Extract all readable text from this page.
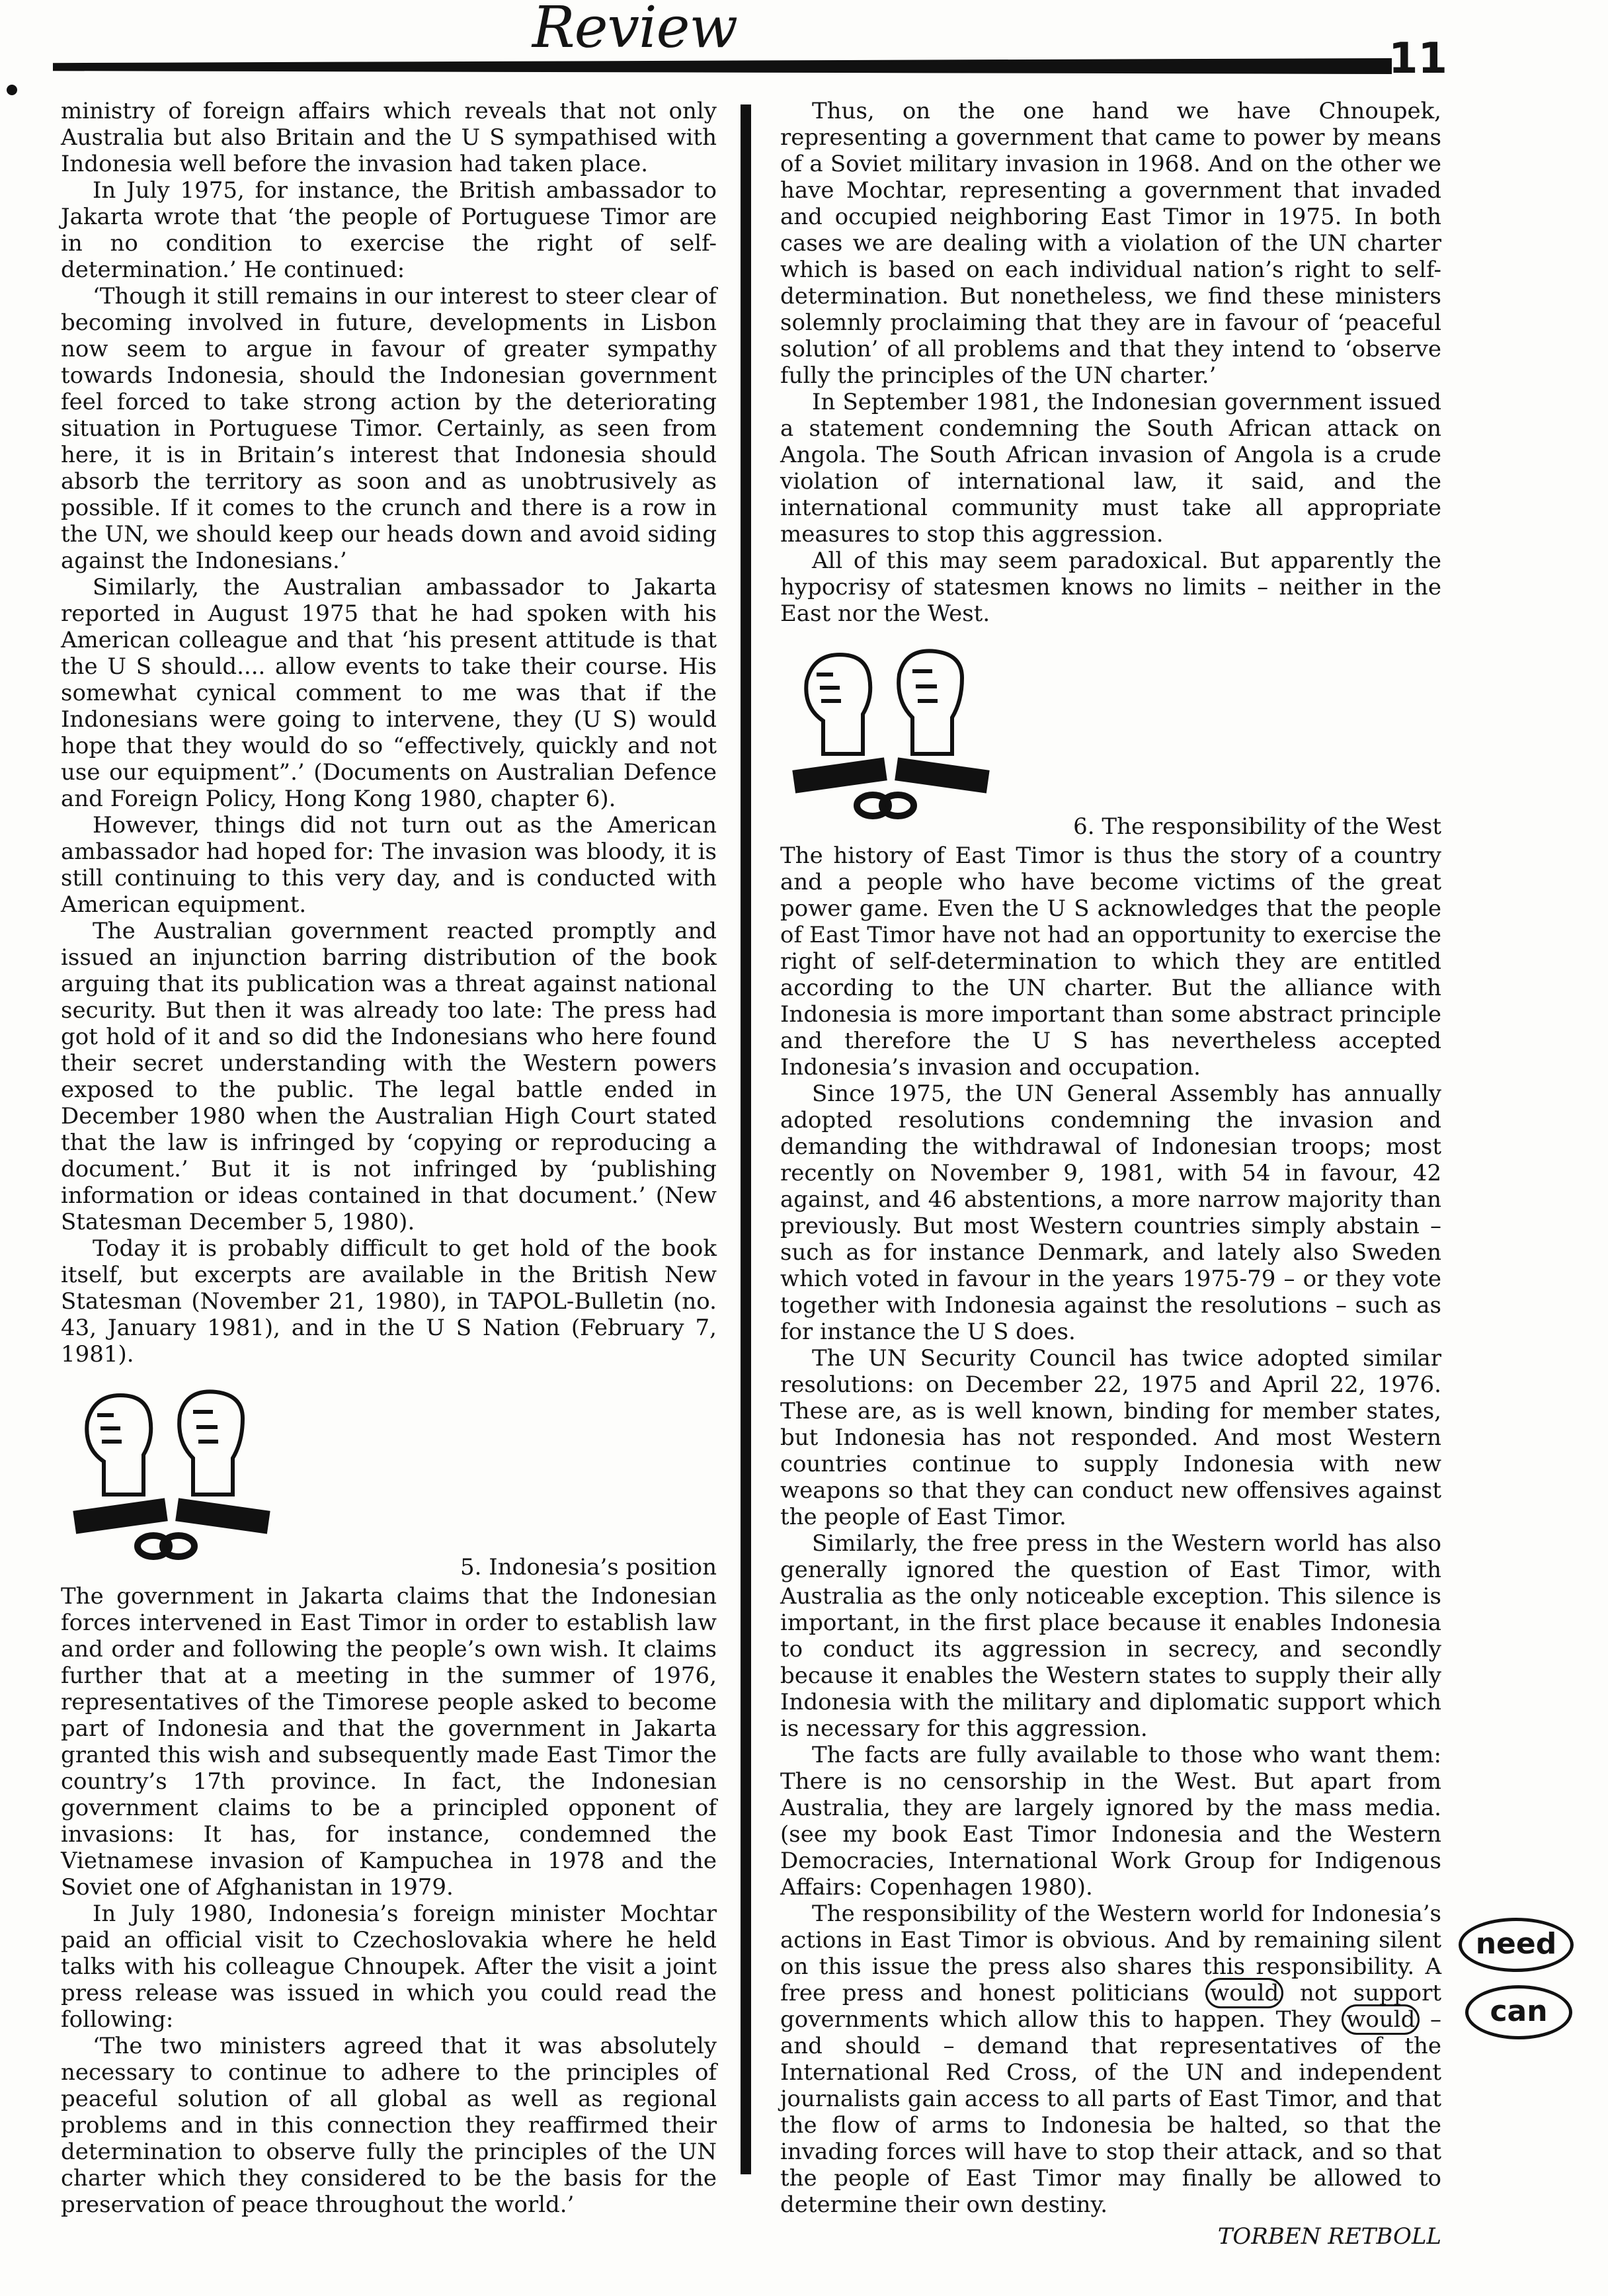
Review	11

ministry of foreign affairs which reveals that not only Australia but also Britain and the U S sympathised with Indonesia well before the invasion had taken place.

In July 1975, for instance, the British ambassador to Jakarta wrote that ‘the people of Portuguese Timor are in no condition to exercise the right of self-determination.’ He continued:

‘Though it still remains in our interest to steer clear of becoming involved in future, developments in Lisbon now seem to argue in favour of greater sympathy towards Indonesia, should the Indonesian government feel forced to take strong action by the deteriorating situation in Portuguese Timor. Certainly, as seen from here, it is in Britain’s interest that Indonesia should absorb the territory as soon and as unobtrusively as possible. If it comes to the crunch and there is a row in the UN, we should keep our heads down and avoid siding against the Indonesians.’

Similarly, the Australian ambassador to Jakarta reported in August 1975 that he had spoken with his American colleague and that ‘his present attitude is that the U S should.... allow events to take their course. His somewhat cynical comment to me was that if the Indonesians were going to intervene, they (U S) would hope that they would do so “effectively, quickly and not use our equipment”.’ (Documents on Australian Defence and Foreign Policy, Hong Kong 1980, chapter 6).

However, things did not turn out as the American ambassador had hoped for: The invasion was bloody, it is still continuing to this very day, and is conducted with American equipment.

The Australian government reacted promptly and issued an injunction barring distribution of the book arguing that its publication was a threat against national security. But then it was already too late: The press had got hold of it and so did the Indonesians who here found their secret understanding with the Western powers exposed to the public. The legal battle ended in December 1980 when the Australian High Court stated that the law is infringed by ‘copying or reproducing a document.’ But it is not infringed by ‘publishing information or ideas contained in that document.’ (New Statesman December 5, 1980).

Today it is probably difficult to get hold of the book itself, but excerpts are available in the British New Statesman (November 21, 1980), in TAPOL-Bulletin (no. 43, January 1981), and in the U S Nation (February 7, 1981).

5. Indonesia’s position

The government in Jakarta claims that the Indonesian forces intervened in East Timor in order to establish law and order and following the people’s own wish. It claims further that at a meeting in the summer of 1976, representatives of the Timorese people asked to become part of Indonesia and that the government in Jakarta granted this wish and subsequently made East Timor the country’s 17th province. In fact, the Indonesian government claims to be a principled opponent of invasions: It has, for instance, condemned the Vietnamese invasion of Kampuchea in 1978 and the Soviet one of Afghanistan in 1979.

In July 1980, Indonesia’s foreign minister Mochtar paid an official visit to Czechoslovakia where he held talks with his colleague Chnoupek. After the visit a joint press release was issued in which you could read the following:

‘The two ministers agreed that it was absolutely necessary to continue to adhere to the principles of peaceful solution of all global as well as regional problems and in this connection they reaffirmed their determination to observe fully the principles of the UN charter which they considered to be the basis for the preservation of peace throughout the world.’

Thus, on the one hand we have Chnoupek, representing a government that came to power by means of a Soviet military invasion in 1968. And on the other we have Mochtar, representing a government that invaded and occupied neighboring East Timor in 1975. In both cases we are dealing with a violation of the UN charter which is based on each individual nation’s right to self-determination. But nonetheless, we find these ministers solemnly proclaiming that they are in favour of ‘peaceful solution’ of all problems and that they intend to ‘observe fully the principles of the UN charter.’

In September 1981, the Indonesian government issued a statement condemning the South African attack on Angola. The South African invasion of Angola is a crude violation of international law, it said, and the international community must take all appropriate measures to stop this aggression.

All of this may seem paradoxical. But apparently the hypocrisy of statesmen knows no limits – neither in the East nor the West.

6. The responsibility of the West

The history of East Timor is thus the story of a country and a people who have become victims of the great power game. Even the U S acknowledges that the people of East Timor have not had an opportunity to exercise the right of self-determination to which they are entitled according to the UN charter. But the alliance with Indonesia is more important than some abstract principle and therefore the U S has nevertheless accepted Indonesia’s invasion and occupation.

Since 1975, the UN General Assembly has annually adopted resolutions condemning the invasion and demanding the withdrawal of Indonesian troops; most recently on November 9, 1981, with 54 in favour, 42 against, and 46 abstentions, a more narrow majority than previously. But most Western countries simply abstain – such as for instance Denmark, and lately also Sweden which voted in favour in the years 1975-79 – or they vote together with Indonesia against the resolutions – such as for instance the U S does.

The UN Security Council has twice adopted similar resolutions: on December 22, 1975 and April 22, 1976. These are, as is well known, binding for member states, but Indonesia has not responded. And most Western countries continue to supply Indonesia with new weapons so that they can conduct new offensives against the people of East Timor.

Similarly, the free press in the Western world has also generally ignored the question of East Timor, with Australia as the only noticeable exception. This silence is important, in the first place because it enables Indonesia to conduct its aggression in secrecy, and secondly because it enables the Western states to supply their ally Indonesia with the military and diplomatic support which is necessary for this aggression.

The facts are fully available to those who want them: There is no censorship in the West. But apart from Australia, they are largely ignored by the mass media. (see my book East Timor Indonesia and the Western Democracies, International Work Group for Indigenous Affairs: Copenhagen 1980).

The responsibility of the Western world for Indonesia’s actions in East Timor is obvious. And by remaining silent on this issue the press also shares this responsibility. A free press and honest politicians would not support governments which allow this to happen. They would – and should – demand that representatives of the International Red Cross, of the UN and independent journalists gain access to all parts of East Timor, and that the flow of arms to Indonesia be halted, so that the invading forces will have to stop their attack, and so that the people of East Timor may finally be allowed to determine their own destiny.

TORBEN RETBOLL
need
can
